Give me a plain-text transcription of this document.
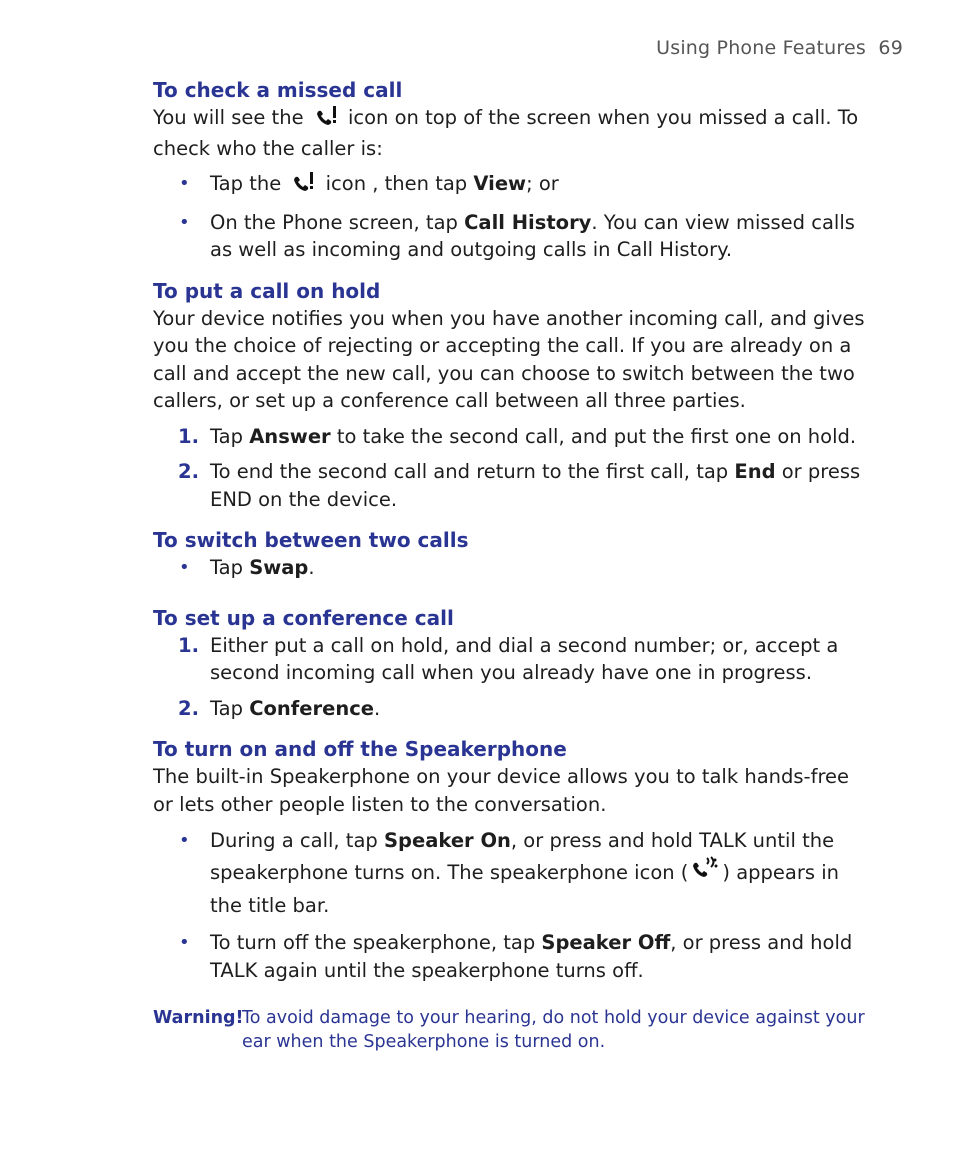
Using Phone Features 69
To check a missed call

You will see the icon on top of the screen when you missed a call. To check who the caller is:

• Tap the icon , then tap View; or
• On the Phone screen, tap Call History. You can view missed calls as well as incoming and outgoing calls in Call History.
To put a call on hold

Your device notifies you when you have another incoming call, and gives you the choice of rejecting or accepting the call. If you are already on a call and accept the new call, you can choose to switch between the two callers, or set up a conference call between all three parties.

1. Tap Answer to take the second call, and put the first one on hold.
2. To end the second call and return to the first call, tap End or press END on the device.
To switch between two calls
• Tap Swap.
To set up a conference call
1. Either put a call on hold, and dial a second number; or, accept a second incoming call when you already have one in progress.
2. Tap Conference.
To turn on and off the Speakerphone

The built-in Speakerphone on your device allows you to talk hands-free or lets other people listen to the conversation.

• During a call, tap Speaker On, or press and hold TALK until the speakerphone turns on. The speakerphone icon ( ) appears in the title bar.
• To turn off the speakerphone, tap Speaker Off, or press and hold TALK again until the speakerphone turns off.
Warning!
To avoid damage to your hearing, do not hold your device against your ear when the Speakerphone is turned on.
